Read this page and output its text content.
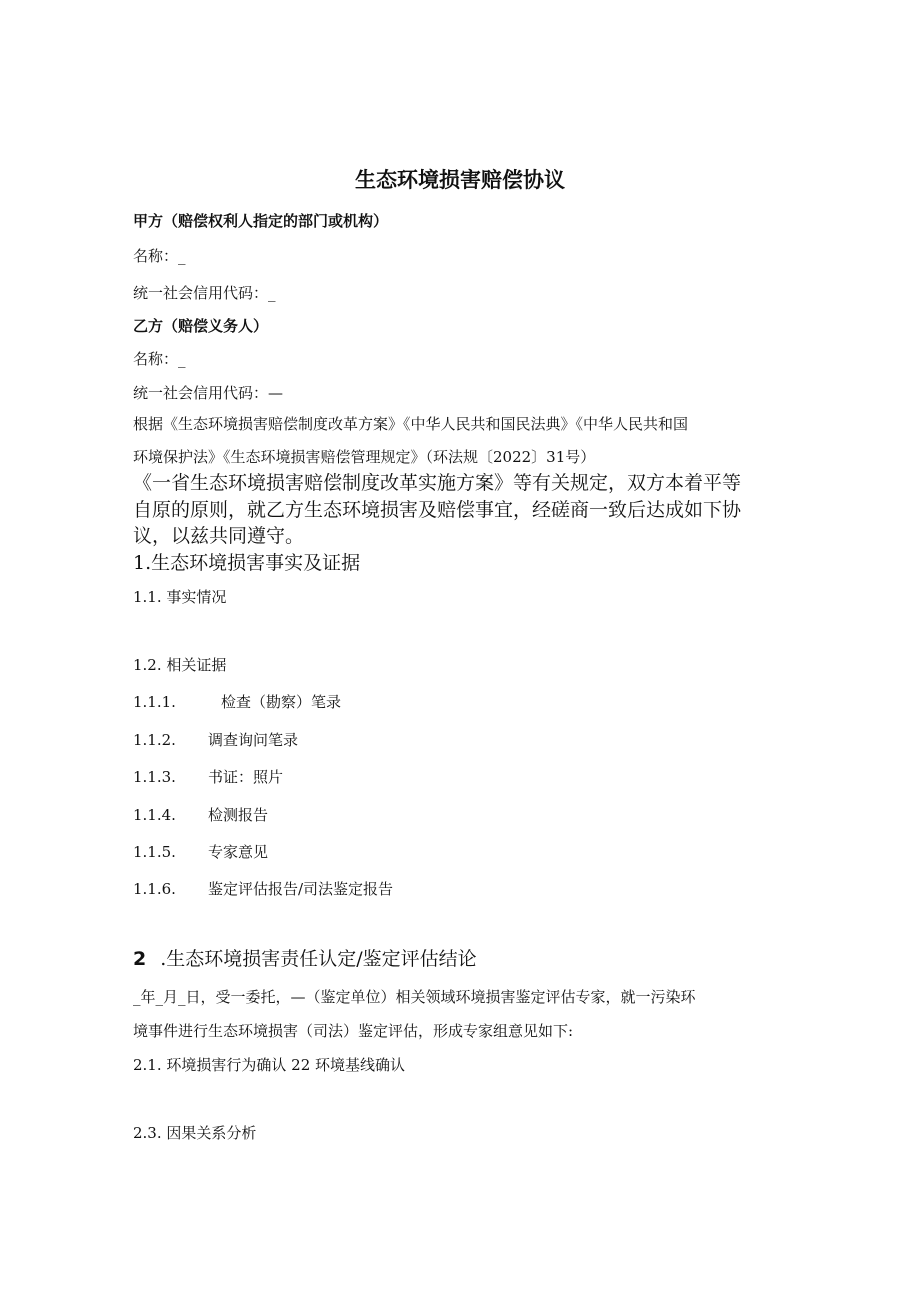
生态环境损害赔偿协议
甲方（赔偿权利人指定的部门或机构）
名称：_
统一社会信用代码：_
乙方（赔偿义务人）
名称：_
统一社会信用代码：—
根据《生态环境损害赔偿制度改革方案》《中华人民共和国民法典》《中华人民共和国
环境保护法》《生态环境损害赔偿管理规定》（环法规〔2022〕31号）
《一省生态环境损害赔偿制度改革实施方案》等有关规定，双方本着平等
自原的原则，就乙方生态环境损害及赔偿事宜，经磋商一致后达成如下协
议，以兹共同遵守。
1.生态环境损害事实及证据
1.1. 事实情况
1.2. 相关证据
1.1.1.	检查（勘察）笔录
1.1.2. 调查询问笔录
1.1.3. 书证：照片
1.1.4. 检测报告
1.1.5. 专家意见
1.1.6. 鉴定评估报告/司法鉴定报告
2 .生态环境损害责任认定/鉴定评估结论
_年_月_日，受一委托，—（鉴定单位）相关领域环境损害鉴定评估专家，就一污染环
境事件进行生态环境损害（司法）鉴定评估，形成专家组意见如下:
2.1. 环境损害行为确认 22 环境基线确认
2.3. 因果关系分析
